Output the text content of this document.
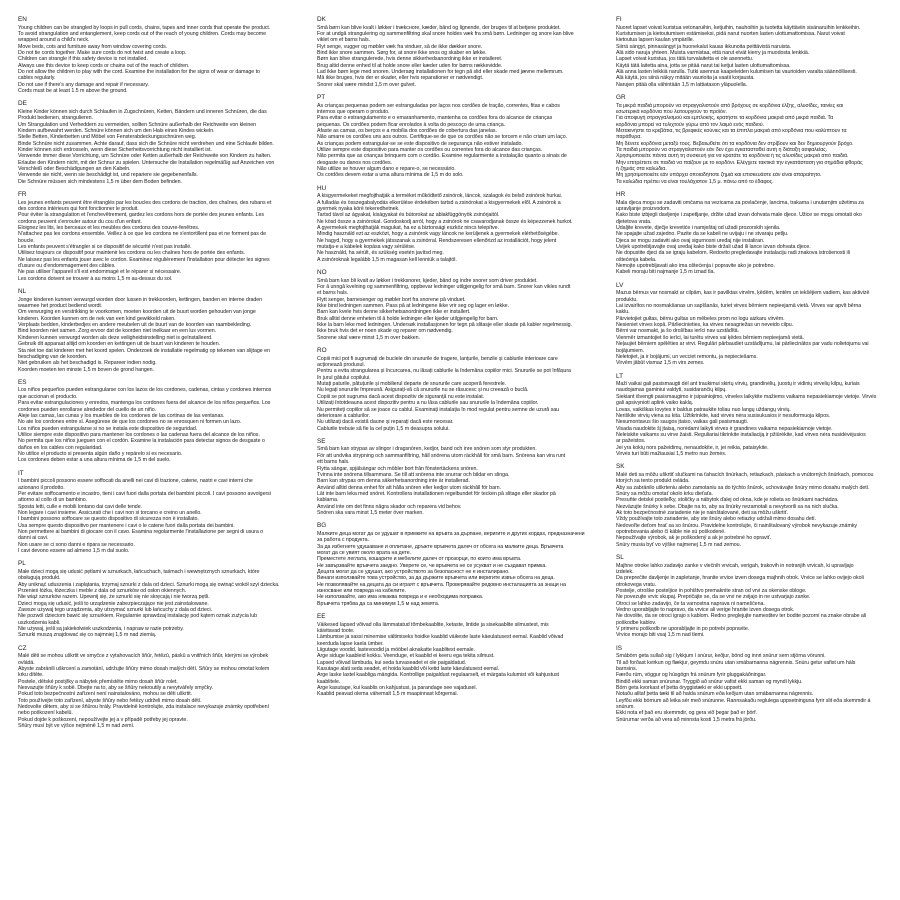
EN
Young children can be strangled by loops in pull cords, chains, tapes and inner cords that operate the product.
To avoid strangulation and entanglement, keep cords out of the reach of young children. Cords may become
wrapped around a child's neck.
Move beds, cots and furniture away from window covering cords.
Do not tie cords together. Make sure cords do not twist and create a loop.
Children can strangle if this safety device is not installed.
Always use this device to keep cords or chains out of the reach of children.
Do not allow the children to play with the cord. Examine the installation for the signs of wear or damage to
cables regularly.
Do not use if there's any damage and repair if necessary.
Cords must be at least 1.5 m above the ground.
DE
Kleine Kinder können sich durch Schlaufen in Zugschnüren, Ketten, Bändern und inneren Schnüren, die das
Produkt bedienen, strangulieren.
Um Strangulation und Verheddern zu vermeiden, sollten Schnüre außerhalb der Reichweite von kleinen
Kindern aufbewahrt werden. Schnüre können sich um den Hals eines Kindes wickeln.
Stelle Betten, Kinderbetten und Möbel von Fensterabdeckungsschnüren weg.
Binde Schnüre nicht zusammen. Achte darauf, dass sich die Schnüre nicht verdrehen und eine Schlaufe bilden.
Kinder können sich erdrosseln, wenn diese Sicherheitsvorrichtung nicht installiert ist.
Verwende immer diese Vorrichtung, um Schnüre oder Ketten außerhalb der Reichweite von Kindern zu halten.
Erlaube den Kindern nicht, mit der Schnur zu spielen. Untersuche die Installation regelmäßig auf Anzeichen von
Verschleiß oder Beschädigungen an den Kabeln.
Verwende sie nicht, wenn sie beschädigt ist, und repariere sie gegebenenfalls.
Die Schnüre müssen sich mindestens 1,5 m über dem Boden befinden.
FR
Les jeunes enfants peuvent être étranglés par les boucles des cordons de traction, des chaînes, des rubans et
des cordons intérieurs qui font fonctionner le produit.
Pour éviter la strangulation et l'enchevêtrement, gardez les cordons hors de portée des jeunes enfants. Les
cordons peuvent s'enrouler autour du cou d'un enfant.
Éloignez les lits, les berceaux et les meubles des cordons des couvre-fenêtres.
N'attachez pas les cordons ensemble. Veillez à ce que les cordons ne s'entortillent pas et ne forment pas de
boucle.
Les enfants peuvent s'étrangler si ce dispositif de sécurité n'est pas installé.
Utilisez toujours ce dispositif pour maintenir les cordons ou les chaînes hors de portée des enfants.
Ne laissez pas les enfants jouer avec le cordon. Examinez régulièrement l'installation pour détecter les signes
d'usure ou d'endommagement des câbles.
Ne pas utiliser l'appareil s'il est endommagé et le réparer si nécessaire.
Les cordons doivent se trouver à au moins 1,5 m au-dessus du sol.
NL
Jonge kinderen kunnen verwurgd worden door lussen in trekkoorden, kettingen, banden en interne draden
waarmee het product bediend wordt.
Om verwurging en verstrikking te voorkomen, moeten koorden uit de buurt worden gehouden van jonge
kinderen. Koorden kunnen om de nek van een kind gewikkeld raken.
Verplaats bedden, kinderbedjes en andere meubelen uit de buurt van de koorden van raambekleding.
Bind koorden niet samen. Zorg ervoor dat de koorden niet inelkaar en een lus vormen.
Kinderen kunnen verwurgd worden als deze veiligheidsinstelling niet is geïnstalleerd.
Gebruik dit apparaat altijd om koorden en kettingen uit de buurt van kinderen te houden.
Sta niet toe dat kinderen met het koord spelen. Onderzoek de installatie regelmatig op tekenen van slijtage en
beschadiging van de koorden.
Niet gebruiken als het beschadigd is. Repareer indien nodig.
Koorden moeten ten minste 1,5 m boven de grond hangen.
ES
Los niños pequeños pueden estrangularse con los lazos de los cordones, cadenas, cintas y cordones internos
que accionan el producto.
Para evitar estrangulaciones y enredos, mantenga los cordones fuera del alcance de los niños pequeños. Los
cordones pueden enrollarse alrededor del cuello de un niño.
Aleje las camas, las cunas y los muebles de los cordones de las cortinas de las ventanas.
No ate los cordones entre sí. Asegúrese de que los cordones no se enrosquen ni formen un lazo.
Los niños pueden estrangularse si no se instala este dispositivo de seguridad.
Utilice siempre este dispositivo para mantener los cordones o las cadenas fuera del alcance de los niños.
No permita que los niños jueguen con el cordón. Examine la instalación para detectar signos de desgaste o
daños en los cables con regularidad.
No utilice el producto si presenta algún daño y repárelo si es necesario.
Los cordones deben estar a una altura mínima de 1,5 m del suelo.
IT
I bambini piccoli possono essere soffocati da anelli nei cavi di trazione, catene, nastri e cavi interni che
azionano il prodotto.
Per evitare soffocamento e incastro, tieni i cavi fuori dalla portata dei bambini piccoli. I cavi possono avvolgersi
attorno al collo di un bambino.
Sposta letti, culle e mobili lontano dai cavi delle tende.
Non legare i cavi insieme. Assicurati che i cavi non si torcano e creino un anello.
I bambini possono soffocare se questo dispositivo di sicurezza non è installato.
Usa sempre questo dispositivo per mantenere i cavi o le catene fuori dalla portata dei bambini.
Non permettere ai bambini di giocare con il cavo. Esamina regolarmente l'installazione per segni di usura o
danni ai cavi.
Non usare se ci sono danni e ripara se necessario.
I cavi devono essere ad almeno 1,5 m dal suolo.
PL
Małe dzieci mogą się udusić pętlami w sznurkach, łańcuchach, taśmach i wewnętrznych sznurkach, które
obsługują produkt.
Aby uniknąć uduszenia i zaplątania, trzymaj sznurki z dala od dzieci. Sznurki mogą się owinąć wokół szyi dziecka.
Przenieś łóżka, łóżeczka i meble z dala od sznurków od osłon okiennych.
Nie wiąż sznurków razem. Upewnij się, że sznurki się nie skręcają i nie tworzą pętli.
Dzieci mogą się udusić, jeśli to urządzenie zabezpieczające nie jest zainstalowane.
Zawsze używaj tego urządzenia, aby utrzymać sznurki lub łańcuchy z dala od dzieci.
Nie pozwól dzieciom bawić się sznurkiem. Regularnie sprawdzaj instalację pod kątem oznak zużycia lub
uszkodzenia kabli.
Nie używaj, jeśli są jakiekolwiek uszkodzenia, i napraw w razie potrzeby.
Sznurki muszą znajdować się co najmniej 1,5 m nad ziemią.
CZ
Malé děti se mohou uškrtit ve smyčce z vytahovacích šňůr, řetězů, pásků a vnitřních šňůr, kterými se výrobek
ovládá.
Abyste zabránili uškrcení a zamotání, udržujte šňůry mimo dosah malých dětí. Šňůry se mohou omotat kolem
krku dítěte.
Postele, dětské postýlky a nábytek přemístěte mimo dosah šňůr rolet.
Nesvazujte šňůry k sobě. Dbejte na to, aby se šňůry nekroutily a nevytvářely smyčky.
Pokud toto bezpečnostní zařízení není nainstalováno, mohou se děti uškrtit.
Toto používejte toto zařízení, abyste šňůry nebo řetězy udrželi mimo dosah dětí.
Nedovolte dětem, aby si se šňůrou hrály. Pravidelně kontrolujte, zda instalace nevykazuje známky opotřebení
nebo poškození kabelů.
Pokud dojde k poškození, nepoužívejte jej a v případě potřeby jej opravte.
Šňůry musí být ve výšce nejméně 1,5 m nad zemí.
DK
Små børn kan blive kvalt i løkker i trækснore, kæder, bånd og lignende, der bruges til at betjene produktet.
For at undgå strangulering og sammenfiltring skal snore holdes væk fra små børn. Ledninger og snore kan blive
viklet om et barns hals.
Flyt senge, vugger og møbler væk fra vinduer, så de ikke dækker snore.
Bind ikke snore sammen. Sørg for, at snore ikke snos og skaber en løkke.
Børn kan blive strangulerede, hvis denne sikkerhedsanordning ikke er installeret.
Brug altid denne enhed til at holde snore eller kæder uden for børns rækkevidde.
Lad ikke børn lege med snoren. Undersøg installationen for tegn på slid eller skade med jævne mellemrum.
Må ikke bruges, hvis der er skader, eller hvis reparationer er nødvendigt.
Snorer skal være mindst 1,5 m over gulvet.
PT
As crianças pequenas podem ser estranguladas por laços nos cordões de tração, correntes, fitas e cabos
internos que operam o produto.
Para evitar o estrangulamento e o emaranhamento, mantenha os cordões fora do alcance de crianças
pequenas. Os cordões podem ficar enrolados à volta do pescoço de uma criança.
Afaste as camas, os berços e a mobília dos cordões de cobertura das janelas.
Não amarre os cordões uns aos outros. Certifique-se de que os cordões não se torcem e não criam um laço.
As crianças podem estrangular-se se este dispositivo de segurança não estiver instalado.
Utilize sempre este dispositivo para manter os cordões ou correntes fora do alcance das crianças.
Não permita que as crianças brinquem com o cordão. Examine regularmente a instalação quanto a sinais de
desgaste ou danos nos cordões.
Não utilize se houver algum dano e repare-o, se necessário.
Os cordões devem estar a uma altura mínima de 1,5 m do solo.
HU
A kisgyermekeket megfojthatják a terméket működtető zsinórok, láncok, szalagok és belső zsinórok hurkai.
A fulladás és összegabalyodás elkerülése érdekében tartsd a zsinórokat a kisgyermekek elől. A zsinórok a
gyermek nyaka köré tekeredhetnek.
Tartsd távol az ágyakat, kiságyakat és bútorokat az ablakfüggönyök zsinórjaitól.
Ne kösd össze a zsinórokat. Gondoskodj arról, hogy a zsinórok ne csavarodjanak össze és képezzenek hurkot.
A gyermekek megfojthatják magukat, ha ez a biztonsági eszköz nincs telepítve.
Mindig használd ezt az eszközt, hogy a zsinórok vagy láncok ne kerüljenek a gyermekek elérhetőségébe.
Ne hagyd, hogy a gyermekek játsszanak a zsinórral. Rendszeresen ellenőrizd az installációt, hogy jelent
mutatja-e a kábelek kopása vagy sérülése.
Ne használd, ha sérült, és szükség esetén javítsd meg.
A zsinóroknak legalább 1,5 m magasan kell lenniük a talajtól.
NO
Små barn kan bli kvalt av løkker i trekksnorer, kjeder, bånd og indre snorer som driver produktet.
For å unngå kvelning og sammenfiltring, oppbevar ledninger utilgjengelig for små barn. Snorer kan vikles rundt
et barns hals.
Flytt senger, barnesenger og møbler bort fra snorene på vinduet.
Ikke bind ledningen sammen. Pass på at ledningene ikke vrir seg og lager en løkke.
Barn kan kvele hvis denne sikkerhetsanordningen ikke er installert.
Bruk alltid denne enheten til å holde ledninger eller kjeder utilgjengelig for barn.
Ikke la barn leke med ledningen. Undersøk installasjonen for tegn på slitasje eller skade på kabler regelmessig.
Ikke bruk hvis det er noen skade og reparer om nødvendig.
Snorene skal være minst 1,5 m over bakken.
RO
Copiii mici pot fi sugrumați de buclele din snururile de tragere, lanțurile, benzile și cablurile interioare care
acționează produsul.
Pentru a evita strangularea și încurcarea, nu lăsați cablurile la îndemâna copiilor mici. Snururile se pot înfășura
în jurul gâtului copilului.
Mutați paturile, pătuțurile și mobilierul departe de snururile care acoperă ferestrele.
Nu legați snururile împreună. Asigurați-vă că snururile nu se răsucesc și nu creează o buclă.
Copiii se pot sugruma dacă acest dispozitiv de siguranță nu este instalat.
Utilizați întotdeauna acest dispozitiv pentru a nu lăsa cablurile sau snururile la îndemâna copiilor.
Nu permiteți copiilor să se joace cu cablul. Examinați instalația în mod regulat pentru semne de uzură sau
deteriorare a cablurilor.
Nu utilizați dacă există daune și reparați dacă este necesar.
Cablurile trebuie să fie la cel puțin 1,5 m deasupra solului.
SE
Små barn kan strypas av slingor i dragsnören, kedjor, band och inre snören som styr produkten.
För att undvika strypning och sammanfiltring, håll snörena utom räckhåll för små barn. Snörena kan vira runt
ett barns hals.
Flytta sängar, spjälsängar och möbler bort från fönstertäckens snören.
Tvinna inte snörena tillsammans. Se till att snörena inte snurrar och bildar en slinga.
Barn kan strypas om denna säkerhetsanordning inte är installerad.
Använd alltid denna enhet för att hålla snören eller kedjor utom räckhåll för barn.
Låt inte barn leka med snöret. Kontrollera installationen regelbundet för tecken på slitage eller skador på
kablarna.
Använd inte om det finns några skador och reparera vid behov.
Snören ska vara minst 1,5 meter över marken.
BG
Малките деца могат да се удушат в примките на връвта за дърпане, веригите и других кордах, предназначени
за работа с продукта.
За да избегнете удушаване и оплитане, дръжте връвчета далеч от обсега на малките деца. Връвчета
могат да се увият около врата на дете.
Преместете леглата, кошарите и мебелите далеч от прозорци, по които има връвта.
Не завързвайте връвчета заедно. Уверете се, че връвчета не се усукват и не създават примка.
Децата могат да се удушат, ако устройството за безопасност не е инсталирано.
Винаги използвайте това устройство, за да държите връвчета или веригите извън обсега на деца.
Не позволявайте на децата да си играят с връвчета. Проверявайте редовно инсталацията за знаци на
износване или повреда на кабелите.
Не използвайте, ако има някаква повреда и е необходима поправка.
Връвчета трябва да са минимум 1,5 м над земята.
EE
Väikesed lapsed võivad olla lämmatatud tõmbekaablite, ketaste, lintide ja sisekaablite silmustest, mis
käivitavad toote.
Lämbumise ja sassi minemise vältimiseks hoidke kaablid väikeste laste käeulatusest eemal. Kaablid võivad
keerduda lapse kaela ümber.
Liigutage voodid, lastevoodid ja mööbel aknakatte kaablitest eemale.
Ärge siduge kaableid kokku. Veenduge, et kaablid ei keeru ega tekita silmust.
Lapsed võivad lämbuda, kui seda turvaseadet ei ole paigaldatud.
Kasutage alati seda seadet, et hoida kaablid või ketid laste käeulatusest eemal.
Ärge laske lastel kaabliga mängida. Kontrollige paigaldust regulaarselt, et märgata kulumist või kahjustust
kaablitele.
Ärge kasutage, kui kaablis on kahjustusi, ja parandage see vajadusel.
Kaablid peavad olema vähemalt 1,5 m maapinnast kõrgemal.
FI
Nuoret lapset voivat kuristua vetonaruihin, ketjuihin, nauhoihin ja tuotetta käyttäviin sisänaruihin lenkkeihin.
Kuristumisen ja kietoutumisen estämiseksi, pidä narut nuorten lasten ulottumattomissa. Narut voivat
kietoutua lapsen kaulan ympärille.
Siirrä sängyt, pinnasängyt ja huonekalut kauas ikkunoita peittävistä naruista.
Älä sido naruja yhteen. Muista varmistaa, että narut eivät kierry ja muodosta lenkkiä.
Lapset voivat kuristua, jos tätä turvalaitetta ei ole asennettu.
Käytä tätä laitetta aina, jotta se pitää narut tai ketjut lasten ulottumattomissa.
Älä anna lasten leikkiä narulla. Tutki asennus kaapeleiden kulumisen tai vaurioiden varalta säännöllisesti.
Älä käytä, jos siinä näkyy mitään vaurioita ja vaatii korjausta.
Narujen pitää olla vähintään 1,5 m lattiatason yläpuolella.
GR
Τα μικρά παιδιά μπορούν να στραγγαλιστούν από βρόχους σε κορδόνια έλξης, αλυσίδες, ταινίες και
εσωτερικά κορδόνια που λειτουργούν το προϊόν.
Για αποφυγή στραγγαλισμού και εμπλοκής, κρατήστε τα κορδόνια μακριά από μικρά παιδιά. Τα
κορδόνια μπορεί να τυλιχτούν γύρω από τον λαιμό ενός παιδιού.
Μετακινήστε τα κρεβάτια, τις βρεφικές κούνιες και τα έπιπλα μακριά από κορδόνια που καλύπτουν τα
παράθυρα.
Μη δένετε κορδόνια μεταξύ τους. Βεβαιωθείτε ότι τα κορδόνια δεν στρίβουν και δεν δημιουργούν βρόχο.
Τα παιδιά μπορούν να στραγγαλιστούν εάν δεν έχει εγκατασταθεί αυτή η διάταξη ασφαλείας.
Χρησιμοποιείτε πάντα αυτή τη συσκευή για να κρατάτε τα κορδόνια ή τις αλυσίδες μακριά από παιδιά.
Μην επιτρέπετε σε παιδιά να παίζουν με το κορδόνι. Ελέγχετε τακτικά την εγκατάσταση για σημάδια φθοράς
ή ζημιάς στα καλώδια.
Μη χρησιμοποιείτε εάν υπάρχει οποιαδήποτε ζημιά και επισκευάστε εάν είναι απαραίτητο.
Τα καλώδια πρέπει να είναι τουλάχιστον 1,5 μ. πάνω από το έδαφος.
HR
Mala djeca mogu se zadaviti omčama na vezicama za povlačenje, lancima, trakama i unutarnjim užetima za
upravljanje proizvodom.
Kako biste izbjegli davljenje i zapetljanje, držite užad izvan dohvata male djece. Užice se mogu omotati oko
djetetova vrata.
Udaljite krevete, dječje krevetiće i namještaj od užadi prozorskih sjenila.
Ne spajajte užad zajedno. Pazite da se kabeli ne uvijaju i ne stvaraju petlju.
Djeca se mogu zadaviti ako ovaj sigurnosni uređaj nije instaliran.
Uvijek upotrebljavajte ovaj uređaj kako biste držali užad ili lance izvan dohvata djece.
Ne dopustite djeci da se igraju kabelom. Redovito pregledavajte instalaciju radi znakova istrošenosti ili
oštećenja kabela.
Nemojte upotrebljavati ako ima oštećenja i popravite ako je potrebno.
Kabeli moraju biti najmanje 1,5 m iznad tla.
LV
Mazus bērnus var nosmakt ar cilpām, kas ir pavilktas virvēm, ķēdēm, lentēm un iekšējiem vadiem, kas aktivizē
produktu.
Lai izvairītos no nosmakšanas un sapīšanās, turiet virves bērniem nepieejamā vietā. Virves var apvīt bērna
kaklu.
Pārvietojiet gultas, bērnu gultas un mēbeles prom no logu aizkaru virvēm.
Nesieniet virves kopā. Pārliecinieties, ka virves nesagriežas un neveido cilpu.
Bērni var nosmakt, ja šo drošības ierīci nav uzstādītā.
Vienmēr izmantojiet šo ierīci, lai turētu virves vai ķēdes bērniem nepieejamā vietā.
Neļaujiet bērniem spēlēties ar virvi. Regulāri pārbaudiet uzstādījumu, lai pārliecinātos par vadu nolietojumu vai
bojājumiem.
Neletojiet, ja ir bojājumi, un vecciet remontu, ja nepieciešams.
Virvēm jābūt vismaz 1,5 m virs zemes.
LT
Maži vaikai gali pasismaugti dėl ant traukimui skirtų virvių, grandinėlių, juostų ir vidinių virvelių kilpų, kuriais
naudojamas gaminiui valdyti, susidarančių kilpų.
Siekiant išvengti pasismaugimo ir įsipainiojimo, virveles laikykite mažiems vaikams nepasiekiamoje vietoje. Virvės
gali apsivynioti aplink vaiko kaklą.
Lovas, vaikiškas lovytes ir baldus patraukite toliau nuo langų uždangų virvių.
Neriškite virvių viena su kita. Užtikrinkite, kad virvės nėra susisukusios ir nesuformuoja kilpos.
Nesumontavus šio saugos įtaiso, vaikas gali pasismaugti.
Visada naudokite šį įtaisą, norėdami laikyti virves ir grandines vaikams nepasiekiamoje vietoje.
Neleiskite vaikams su virve žaisti. Reguliariai tikrinkite instaliaciją ir pžiūrėkite, kad virves nėra nusidėvėjusios
ar pažeistos.
Jei yra kokių nors pažeidimų, nenaudokite, ir, jei reikia, pataisykite.
Virvės turi būti mažiausiai 1,5 metro nuo žemės.
SK
Malé deti sa môžu uškrtiť slučkami na ťahacích šnúrkach, retiazkach, páskach a vnútorných šnúrkach, pomocou
ktorých sa tento produkt ovláda.
Aby sa zabránilo uškrteniu alebo zamotaniu sa do týchto šnúrok, uchovávajte šnúry mimo dosahu malých detí.
Šnúry sa môžu omotať okolo krku dieťaťa.
Presuňte detské postieľky, stoličky a nábytok ďalej od okna, kde je rolieta so šnúrkami nachádza.
Nezväzujte šnúrky k sebe. Dbajte na to, aby sa šnúrky nezamotali a nevytvorili sa na nich slučka.
Ak toto bezpečnostné zariadenie nie je nainštalované, deti sa môžu uškrtiť.
Vždy používajte toto zariadenie, aby ste šnúry alebo retiazky udržali mimo dosahu detí.
Nedovoľte deťom hrať sa so šnúrou. Pravidelne kontrolujte, či nainštalovaný výrobok nevykazuje známky
opotrebovania alebo či káble nie sú poškodené.
Nepoužívajte výrobok, ak je poškodený a ak je potrebné ho opraviť.
Šnúry musia byť vo výške najmenej 1,5 m nad zemou.
SL
Majhne otroke lahko zadavijo zanke v vlečnih vrvicah, verigah, trakovih in notranjih vrvicah, ki upravljajo
izdelek.
Da preprečite davljenje in zapletanje, hranite vrvice izven dosega majhnih otrok. Vrvice se lahko ovijejo okoli
otrokovega vratu.
Postelje, otroške posteljice in pohištvo premaknite stran od vrvi za okenske obloge.
Ne povezujte vrvic skupaj. Prepričajte se, da se vrvi ne zvijajo in ne ustvarjajo zanke.
Otroci se lahko zadavijo, če ta varnostna naprava ni nameščena.
Vedno uporabljajte to napravo, da vrvice ali verige hranite izven dosega otrok.
Ne dovolite, da se otroci igrajo s kablom. Redno preglejujte namestitev ter bodite pozorni na znake obrabe ali
poškodbe kablov.
V primeru poškodb ne uporabljajte in po potrebi popravite.
Vrvice morajo biti vsaj 1,5 m nad tlemi.
IS
Smábörn geta sullað sig í lykkjum í snúrur, keðjur, bönd og innri snúrur sem stjórna vörunni.
Til að forðast kvirkun og flækjur, geymdu snúru utan smábarnanna nágrennis. Snúru getur vafist um háls
barnsins.
Færðu rúm, vöggur og húsgögn frá snúrum fyrir gluggakáðningar.
Bindið ekki saman snúrunar. Tryggið að snúrur vafist ekki saman og myndi lykkju.
Börn geta kvorkast ef þetta öryggistæki er ekki uppsett.
Notaðu alltaf þetta tæki til að halda snúrum eða keðjum utan smábarnanna nágrennis.
Leyfðu ekki börnum að leika sér með snúrunne. Rannsakaðu reglulega uppsetninguna fyrir slit eða skemmdir á
snúrum.
Ekki nota ef það eru skemmdir, og gera við þegar það er þörf.
Snúrurnar verða að vera að minnsta kosti 1,5 metra frá jörðu.
